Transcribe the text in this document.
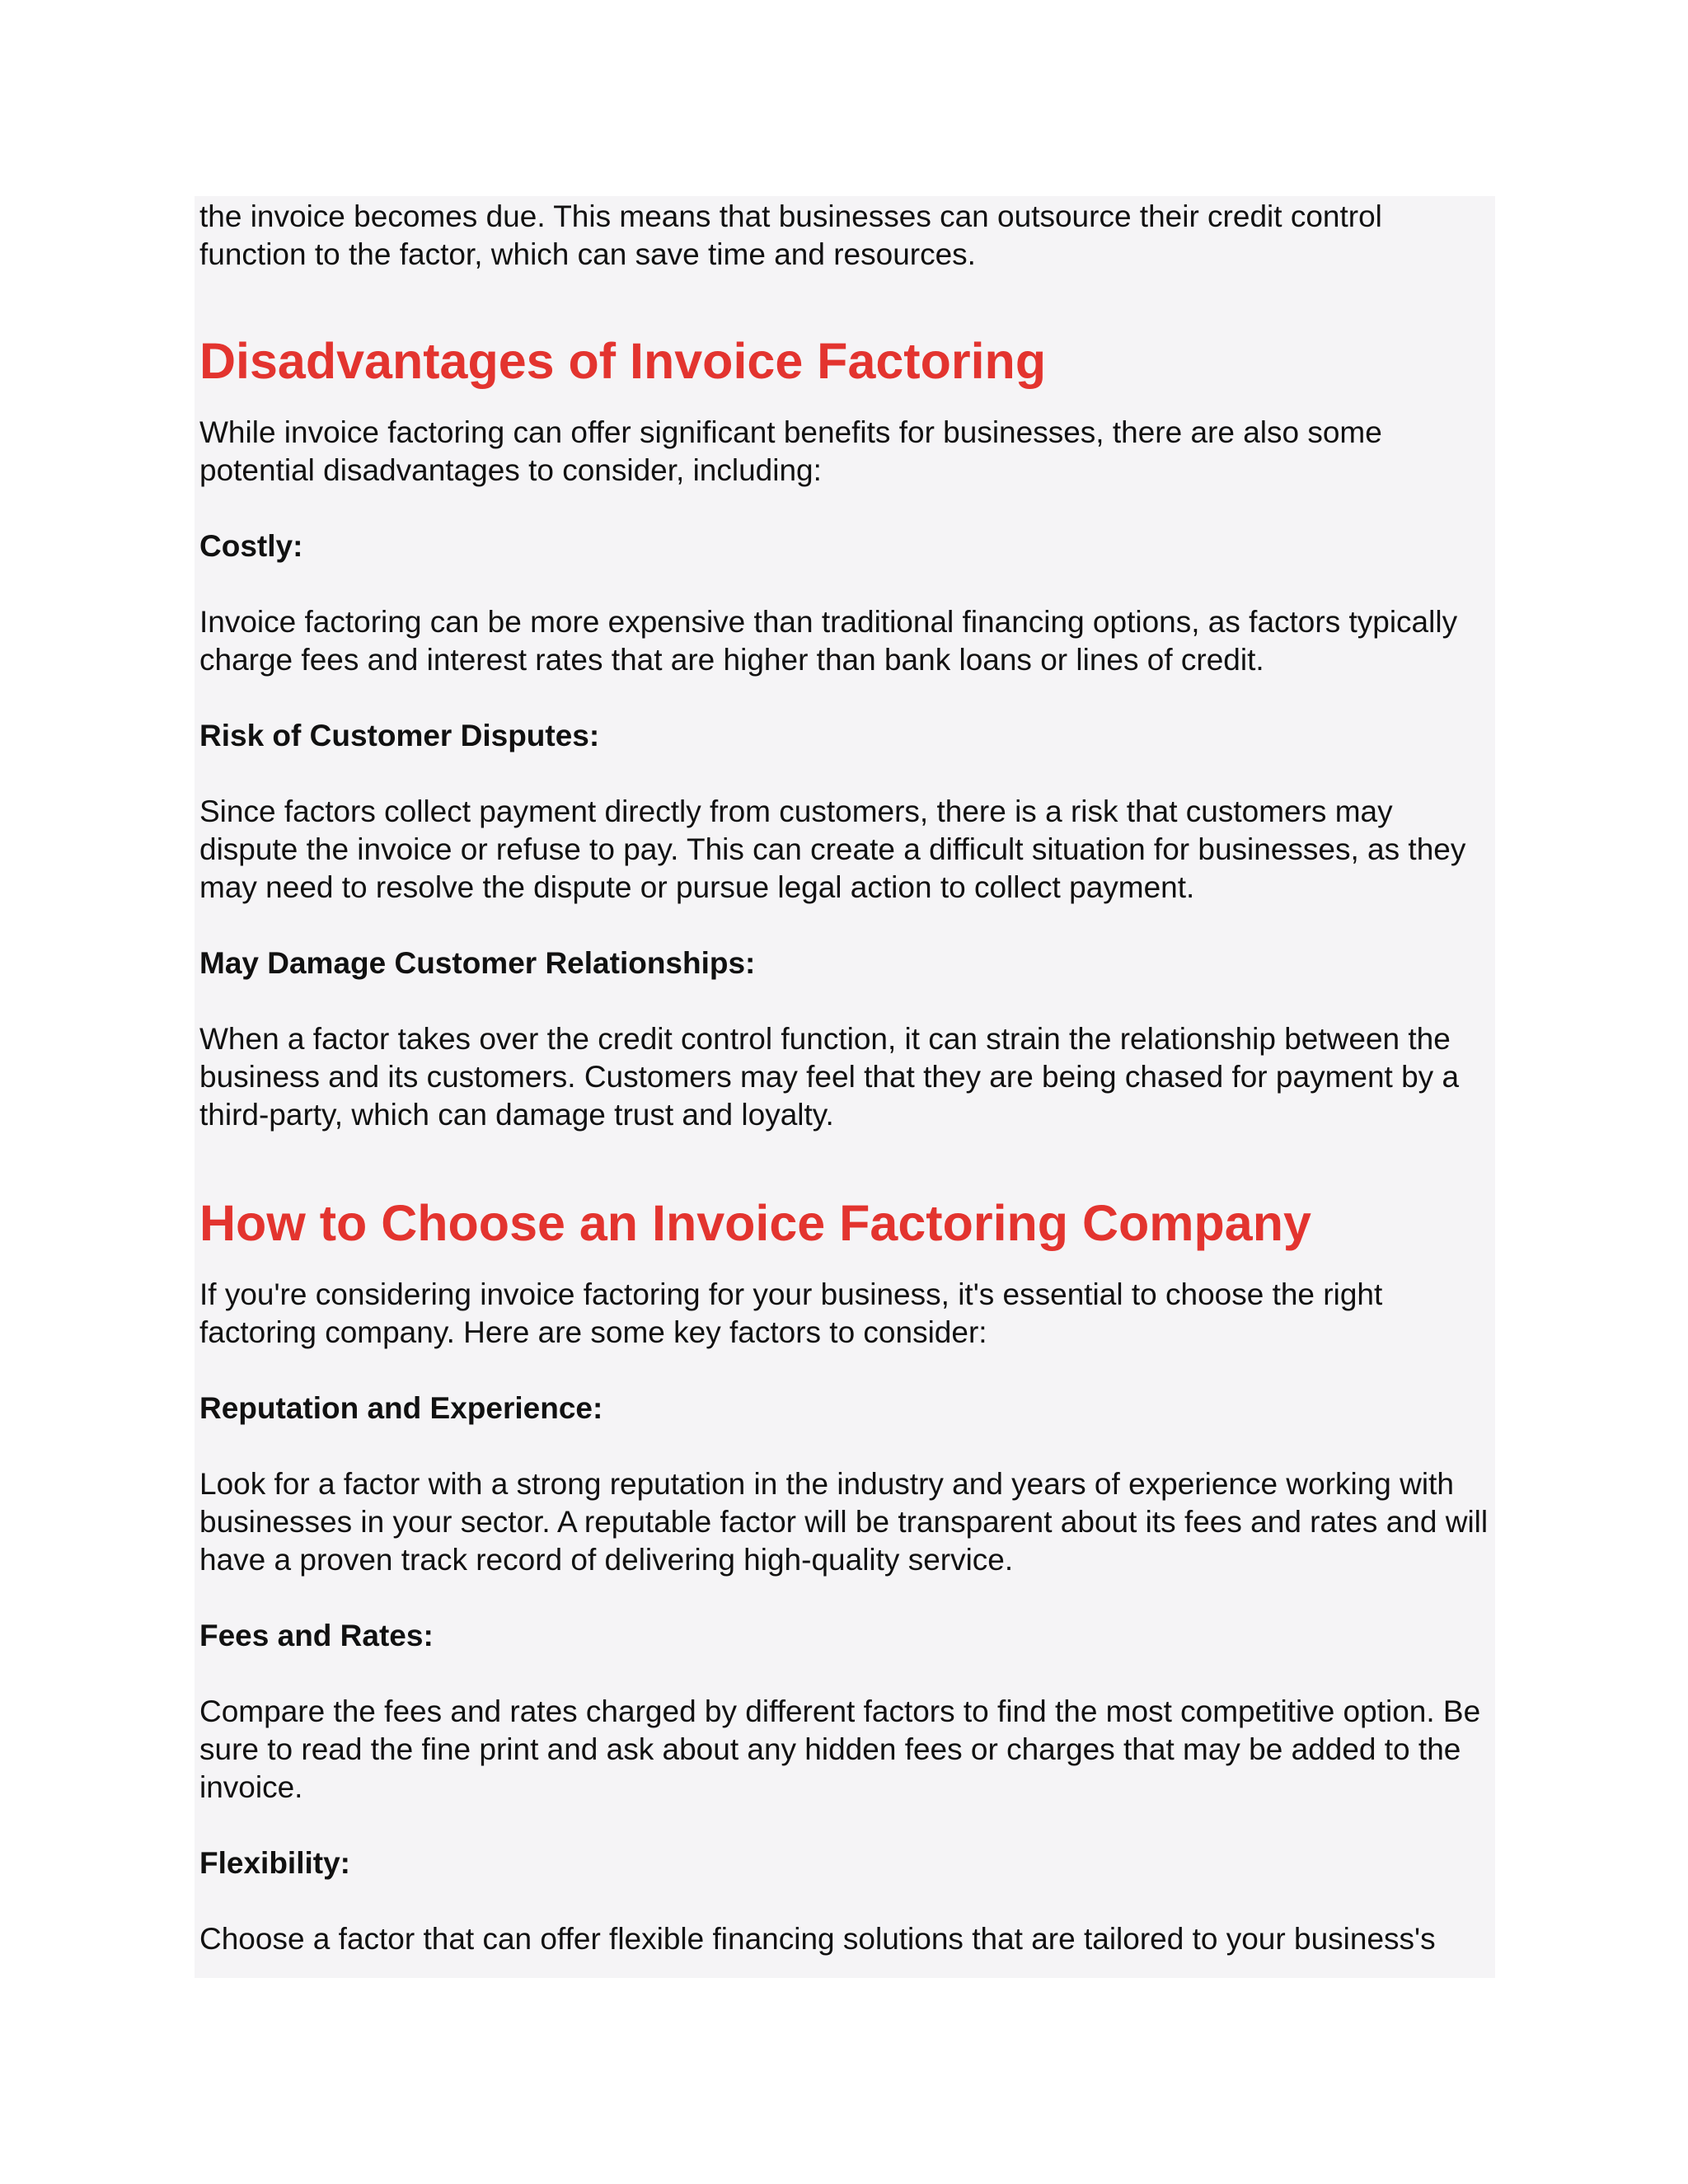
the invoice becomes due. This means that businesses can outsource their credit control function to the factor, which can save time and resources.

Disadvantages of Invoice Factoring

While invoice factoring can offer significant benefits for businesses, there are also some potential disadvantages to consider, including:

Costly:

Invoice factoring can be more expensive than traditional financing options, as factors typically charge fees and interest rates that are higher than bank loans or lines of credit.

Risk of Customer Disputes:

Since factors collect payment directly from customers, there is a risk that customers may dispute the invoice or refuse to pay. This can create a difficult situation for businesses, as they may need to resolve the dispute or pursue legal action to collect payment.

May Damage Customer Relationships:

When a factor takes over the credit control function, it can strain the relationship between the business and its customers. Customers may feel that they are being chased for payment by a third-party, which can damage trust and loyalty.

How to Choose an Invoice Factoring Company

If you're considering invoice factoring for your business, it's essential to choose the right factoring company. Here are some key factors to consider:

Reputation and Experience:

Look for a factor with a strong reputation in the industry and years of experience working with businesses in your sector. A reputable factor will be transparent about its fees and rates and will have a proven track record of delivering high-quality service.

Fees and Rates:

Compare the fees and rates charged by different factors to find the most competitive option. Be sure to read the fine print and ask about any hidden fees or charges that may be added to the invoice.

Flexibility:

Choose a factor that can offer flexible financing solutions that are tailored to your business's
